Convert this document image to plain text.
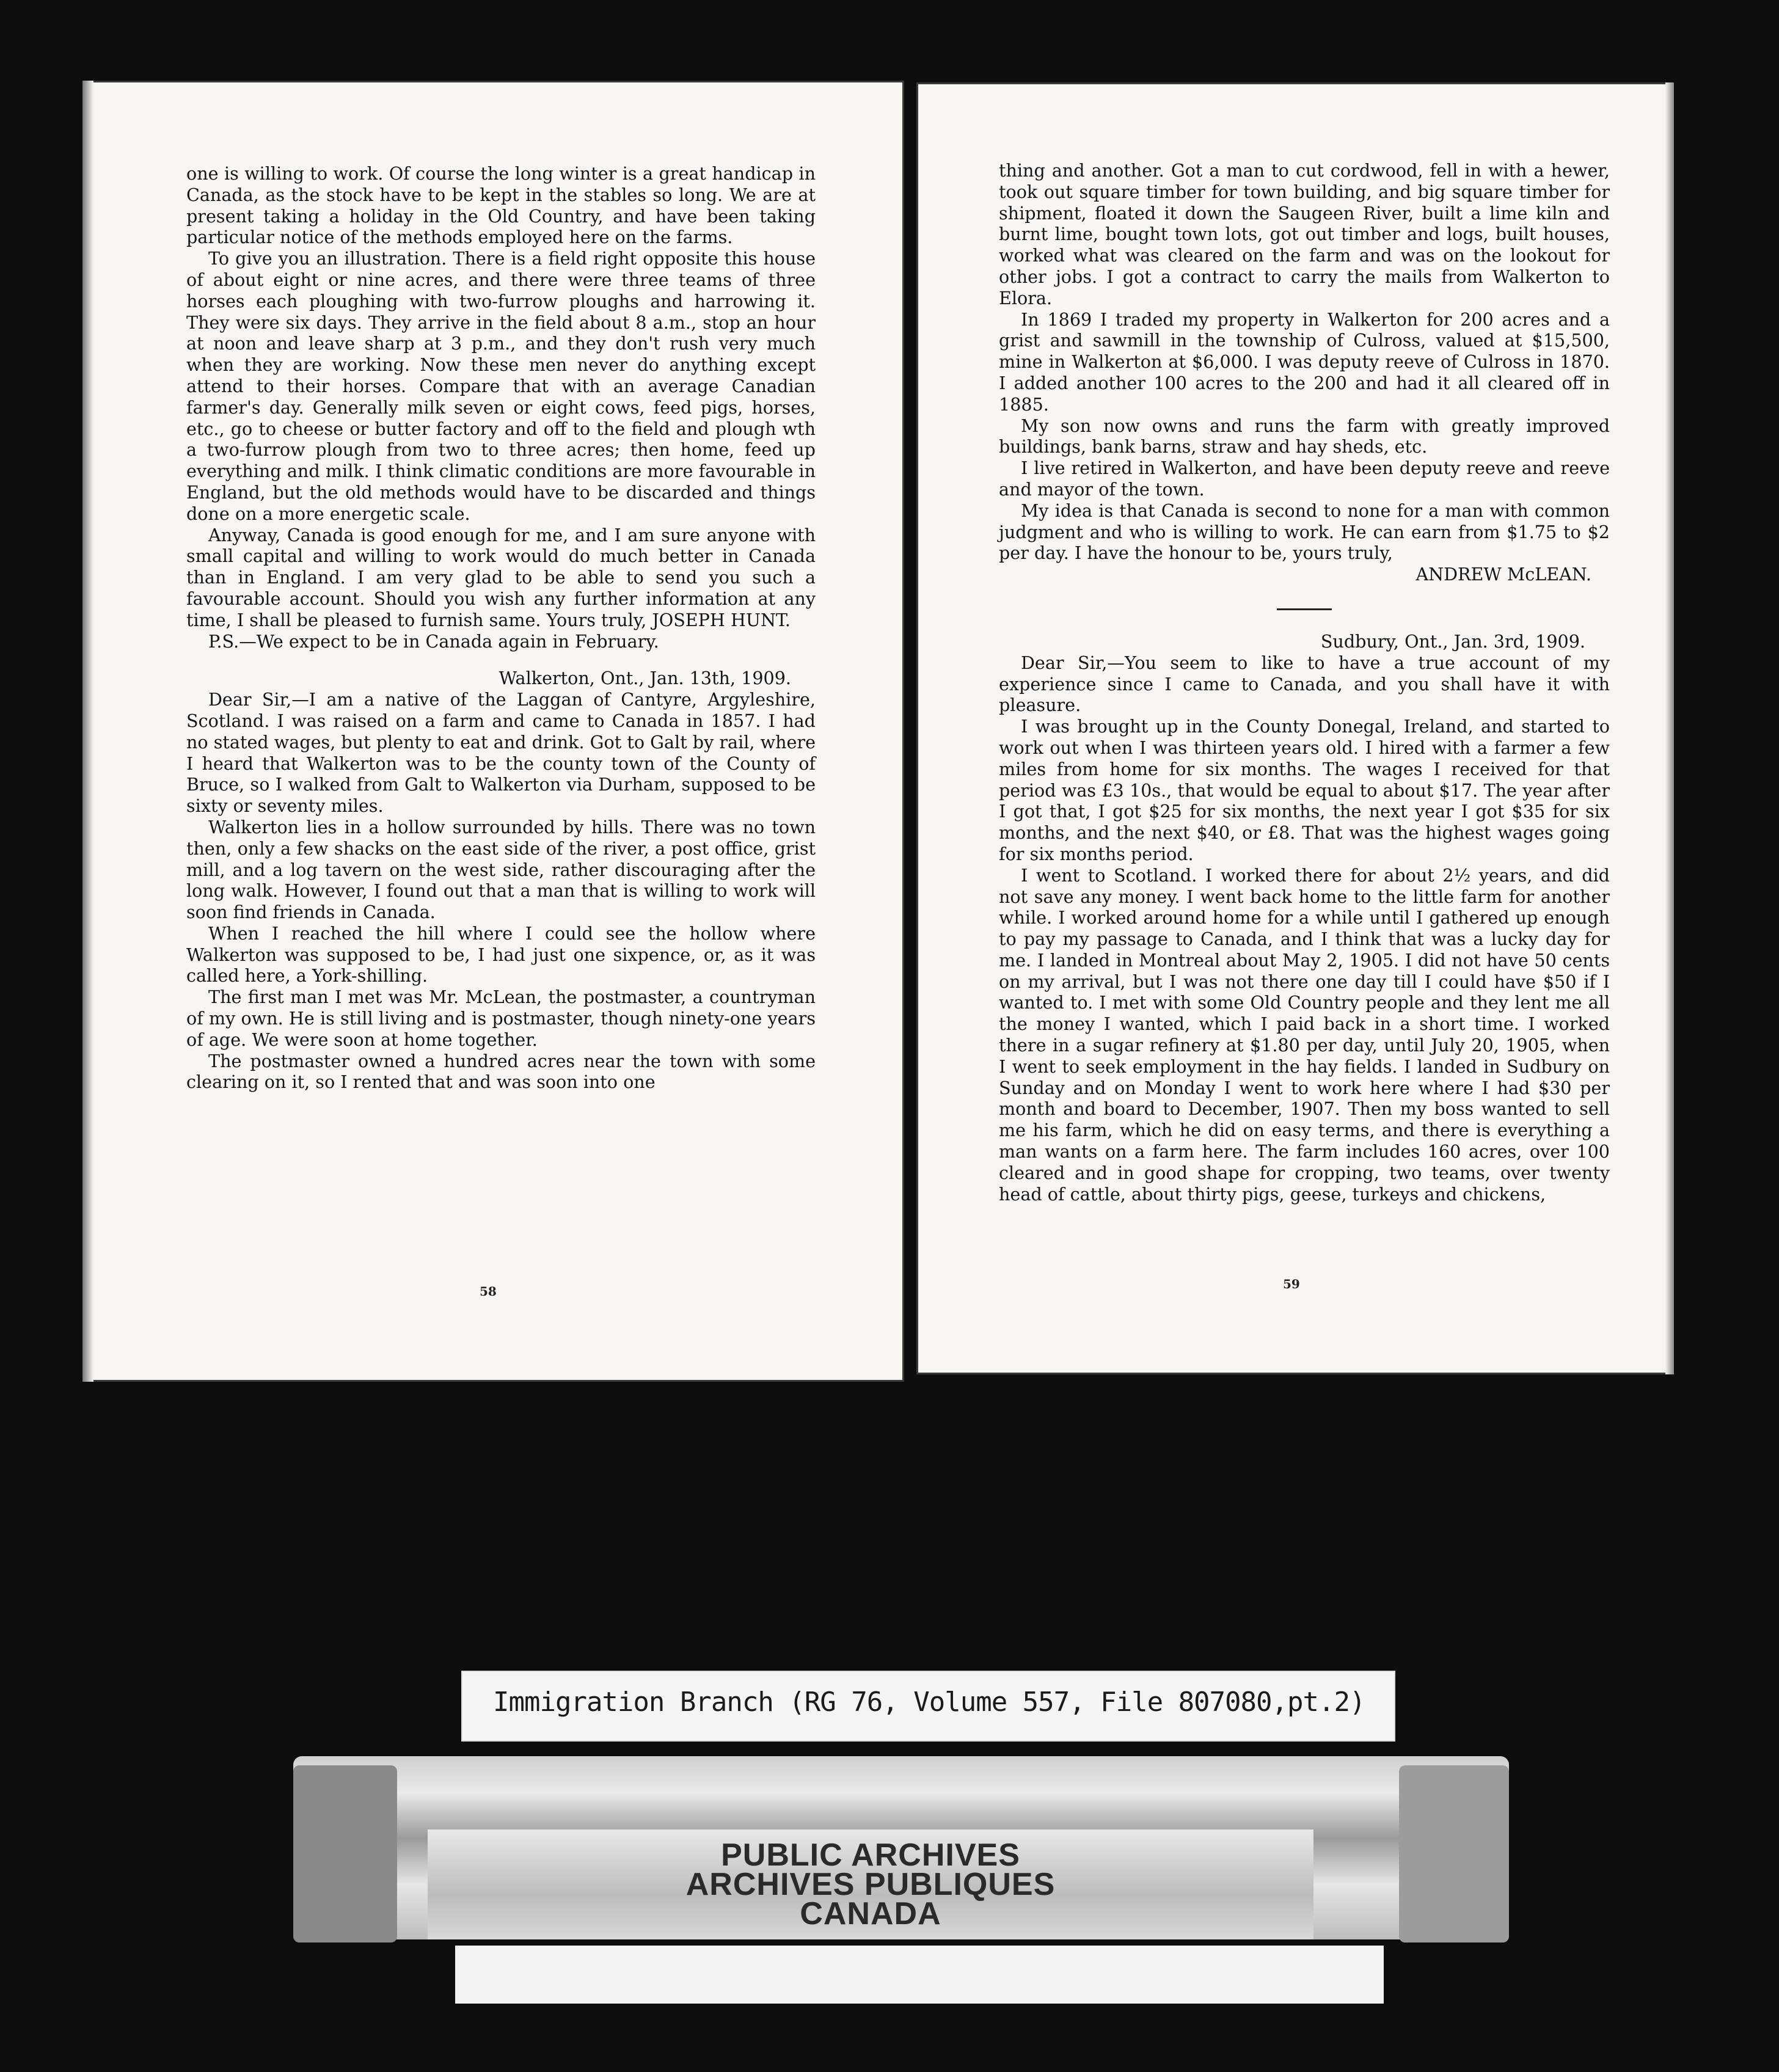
one is willing to work. Of course the long winter is a great handicap in Canada, as the stock have to be kept in the stables so long. We are at present taking a holiday in the Old Country, and have been taking particular notice of the methods employed here on the farms.

To give you an illustration. There is a field right opposite this house of about eight or nine acres, and there were three teams of three horses each ploughing with two-furrow ploughs and harrowing it. They were six days. They arrive in the field about 8 a.m., stop an hour at noon and leave sharp at 3 p.m., and they don't rush very much when they are working. Now these men never do anything except attend to their horses. Compare that with an average Canadian farmer's day. Generally milk seven or eight cows, feed pigs, horses, etc., go to cheese or butter factory and off to the field and plough wth a two-furrow plough from two to three acres; then home, feed up everything and milk. I think climatic conditions are more favourable in England, but the old methods would have to be discarded and things done on a more energetic scale.

Anyway, Canada is good enough for me, and I am sure anyone with small capital and willing to work would do much better in Canada than in England. I am very glad to be able to send you such a favourable account. Should you wish any further information at any time, I shall be pleased to furnish same. Yours truly, JOSEPH HUNT.

P.S.—We expect to be in Canada again in February.

Walkerton, Ont., Jan. 13th, 1909.

Dear Sir,—I am a native of the Laggan of Cantyre, Argyleshire, Scotland. I was raised on a farm and came to Canada in 1857. I had no stated wages, but plenty to eat and drink. Got to Galt by rail, where I heard that Walkerton was to be the county town of the County of Bruce, so I walked from Galt to Walkerton via Durham, supposed to be sixty or seventy miles.

Walkerton lies in a hollow surrounded by hills. There was no town then, only a few shacks on the east side of the river, a post office, grist mill, and a log tavern on the west side, rather discouraging after the long walk. However, I found out that a man that is willing to work will soon find friends in Canada.

When I reached the hill where I could see the hollow where Walkerton was supposed to be, I had just one sixpence, or, as it was called here, a York-shilling.

The first man I met was Mr. McLean, the postmaster, a countryman of my own. He is still living and is postmaster, though ninety-one years of age. We were soon at home together.

The postmaster owned a hundred acres near the town with some clearing on it, so I rented that and was soon into one

58

thing and another. Got a man to cut cordwood, fell in with a hewer, took out square timber for town building, and big square timber for shipment, floated it down the Saugeen River, built a lime kiln and burnt lime, bought town lots, got out timber and logs, built houses, worked what was cleared on the farm and was on the lookout for other jobs. I got a contract to carry the mails from Walkerton to Elora.

In 1869 I traded my property in Walkerton for 200 acres and a grist and sawmill in the township of Culross, valued at $15,500, mine in Walkerton at $6,000. I was deputy reeve of Culross in 1870. I added another 100 acres to the 200 and had it all cleared off in 1885.

My son now owns and runs the farm with greatly improved buildings, bank barns, straw and hay sheds, etc.

I live retired in Walkerton, and have been deputy reeve and reeve and mayor of the town.

My idea is that Canada is second to none for a man with common judgment and who is willing to work. He can earn from $1.75 to $2 per day. I have the honour to be, yours truly,

ANDREW McLEAN.

Sudbury, Ont., Jan. 3rd, 1909.

Dear Sir,—You seem to like to have a true account of my experience since I came to Canada, and you shall have it with pleasure.

I was brought up in the County Donegal, Ireland, and started to work out when I was thirteen years old. I hired with a farmer a few miles from home for six months. The wages I received for that period was £3 10s., that would be equal to about $17. The year after I got that, I got $25 for six months, the next year I got $35 for six months, and the next $40, or £8. That was the highest wages going for six months period.

I went to Scotland. I worked there for about 2½ years, and did not save any money. I went back home to the little farm for another while. I worked around home for a while until I gathered up enough to pay my passage to Canada, and I think that was a lucky day for me. I landed in Montreal about May 2, 1905. I did not have 50 cents on my arrival, but I was not there one day till I could have $50 if I wanted to. I met with some Old Country people and they lent me all the money I wanted, which I paid back in a short time. I worked there in a sugar refinery at $1.80 per day, until July 20, 1905, when I went to seek employment in the hay fields. I landed in Sudbury on Sunday and on Monday I went to work here where I had $30 per month and board to December, 1907. Then my boss wanted to sell me his farm, which he did on easy terms, and there is everything a man wants on a farm here. The farm includes 160 acres, over 100 cleared and in good shape for cropping, two teams, over twenty head of cattle, about thirty pigs, geese, turkeys and chickens,

59
Immigration Branch (RG 76, Volume 557, File 807080,pt.2)
PUBLIC ARCHIVES
ARCHIVES PUBLIQUES
CANADA
